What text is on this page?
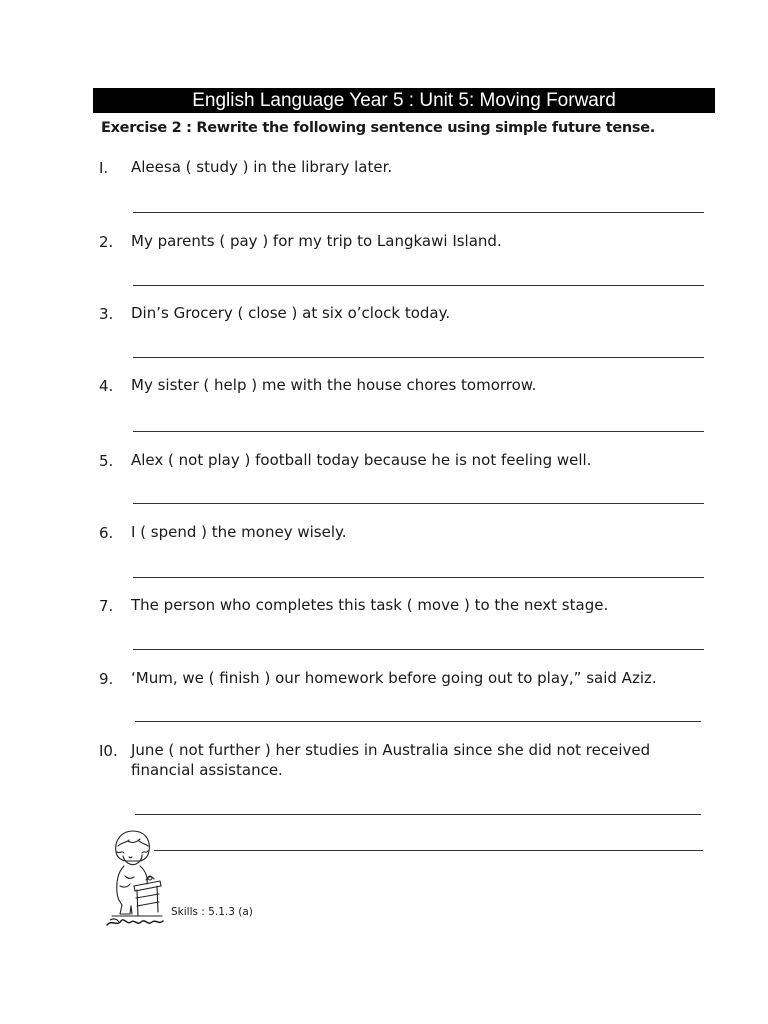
English Language Year 5 : Unit 5: Moving Forward
Exercise 2 : Rewrite the following sentence using simple future tense.
I. Aleesa ( study ) in the library later.
2. My parents ( pay ) for my trip to Langkawi Island.
3. Din’s Grocery ( close ) at six o’clock today.
4. My sister ( help ) me with the house chores tomorrow.
5. Alex ( not play ) football today because he is not feeling well.
6. I ( spend ) the money wisely.
7. The person who completes this task ( move ) to the next stage.
9. ‘Mum, we ( finish ) our homework before going out to play,” said Aziz.
I0. June ( not further ) her studies in Australia since she did not received
financial assistance.
Skills : 5.1.3 (a)
